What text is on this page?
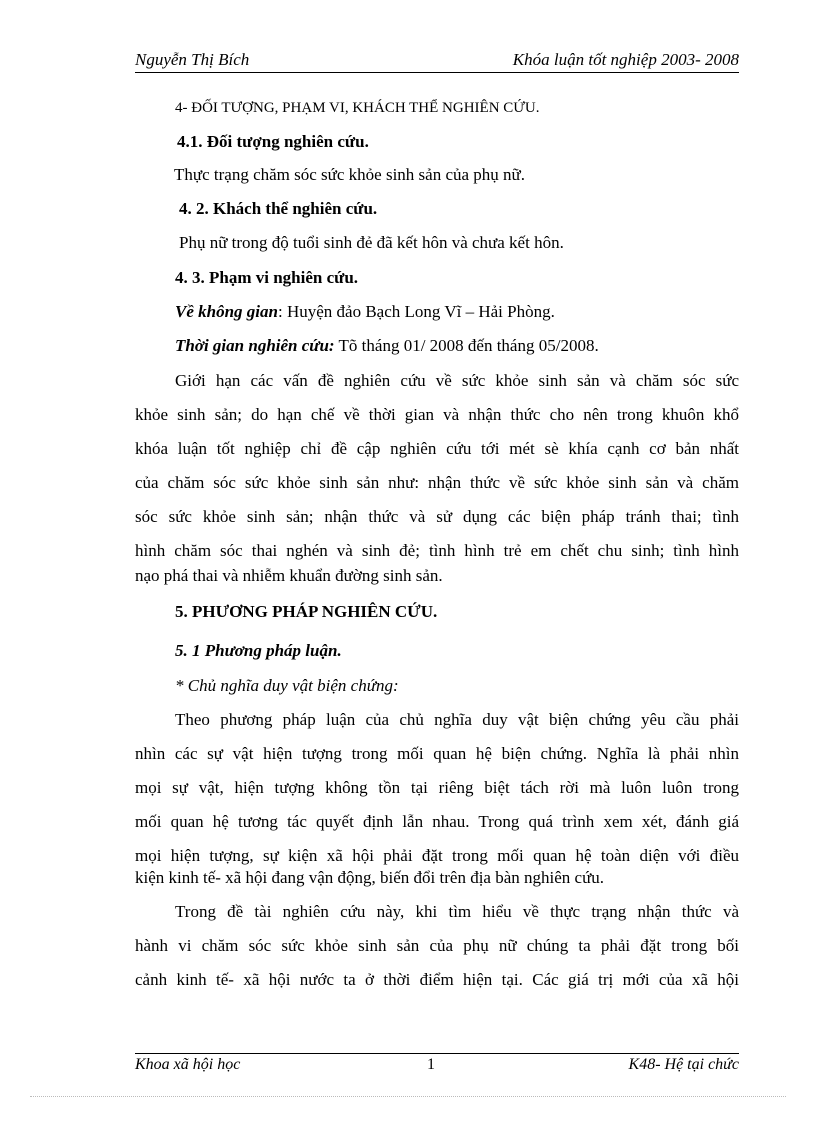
Nguyễn Thị Bích	Khóa luận tốt nghiệp 2003- 2008
4- ĐỐI TƯỢNG, PHẠM VI, KHÁCH THỂ NGHIÊN CỨU.
4.1. Đối tượng nghiên cứu.
Thực trạng chăm sóc sức khỏe sinh sản của phụ nữ.
4. 2. Khách thể nghiên cứu.
Phụ nữ trong độ tuổi sinh đẻ đã kết hôn và chưa kết hôn.
4. 3. Phạm vi nghiên cứu.
Về không gian: Huyện đảo Bạch Long Vĩ – Hải Phòng.
Thời gian nghiên cứu: Tõ tháng 01/ 2008 đến tháng 05/2008.
Giới hạn các vấn đề nghiên cứu về sức khỏe sinh sản và chăm sóc sức
khỏe sinh sản; do hạn chế về thời gian và nhận thức cho nên trong khuôn khổ
khóa luận tốt nghiệp chỉ đề cập nghiên cứu tới mét sè khía cạnh cơ bản nhất
của chăm sóc sức khỏe sinh sản như: nhận thức về sức khỏe sinh sản và chăm
sóc sức khỏe sinh sản; nhận thức và sử dụng các biện pháp tránh thai; tình
hình chăm sóc thai nghén và sinh đẻ; tình hình trẻ em chết chu sinh; tình hình
nạo phá thai và nhiễm khuẩn đường sinh sản.
5. PHƯƠNG PHÁP NGHIÊN CỨU.
5. 1 Phương pháp luận.
* Chủ nghĩa duy vật biện chứng:
Theo phương pháp luận của chủ nghĩa duy vật biện chứng yêu cầu phải
nhìn các sự vật hiện tượng trong mối quan hệ biện chứng. Nghĩa là phải nhìn
mọi sự vật, hiện tượng không tồn tại riêng biệt tách rời mà luôn luôn trong
mối quan hệ tương tác quyết định lẫn nhau. Trong quá trình xem xét, đánh giá
mọi hiện tượng, sự kiện xã hội phải đặt trong mối quan hệ toàn diện với điều
kiện kinh tế- xã hội đang vận động, biến đổi trên địa bàn nghiên cứu.
Trong đề tài nghiên cứu này, khi tìm hiểu về thực trạng nhận thức và
hành vi chăm sóc sức khỏe sinh sản của phụ nữ chúng ta phải đặt trong bối
cảnh kinh tế- xã hội nước ta ở thời điểm hiện tại. Các giá trị mới của xã hội
Khoa xã hội học	1	K48- Hệ tại chức
